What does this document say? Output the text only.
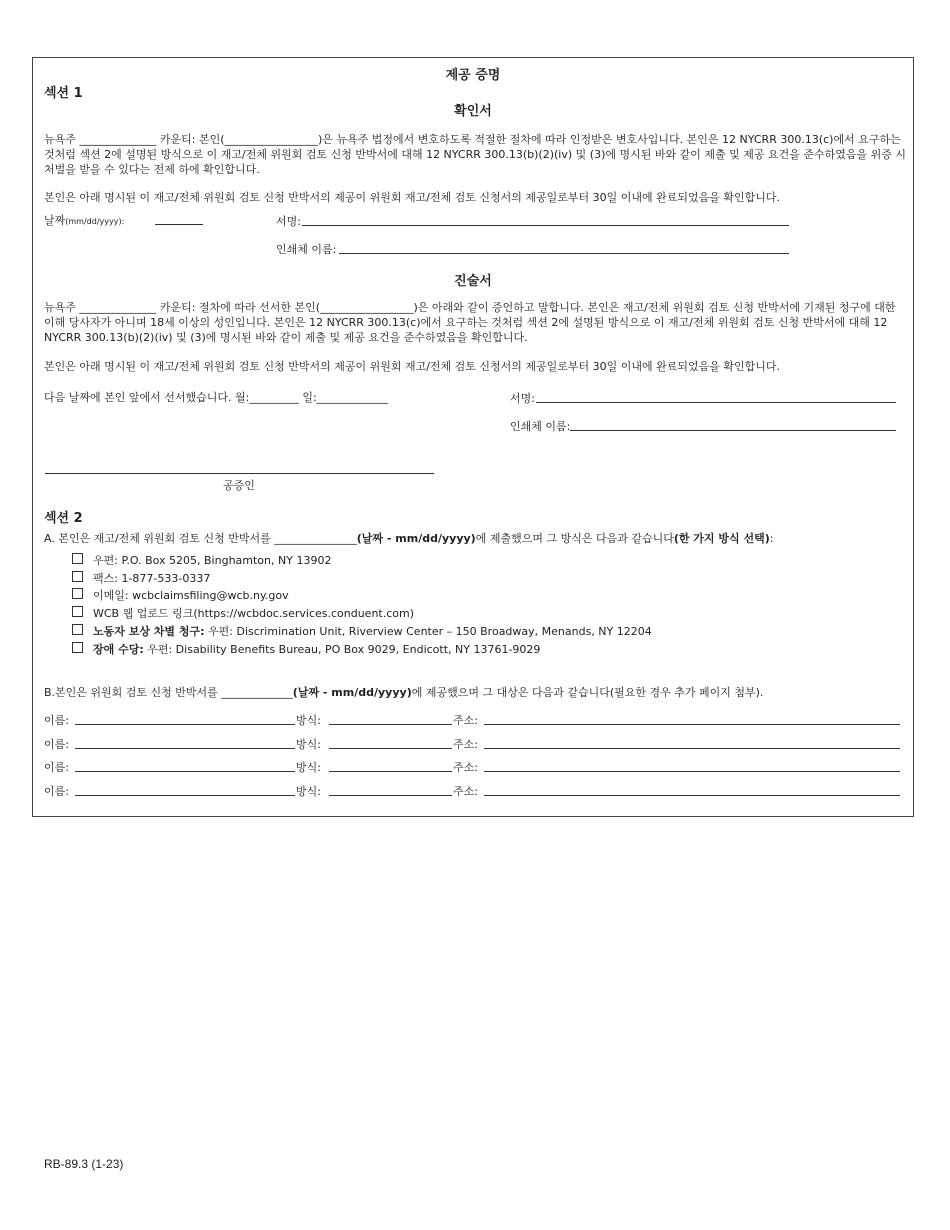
제공 증명
섹션 1
확인서
뉴욕주 ______________ 카운티: 본인(_________________)은 뉴욕주 법정에서 변호하도록 적절한 절차에 따라 인정받은 변호사입니다. 본인은 12 NYCRR 300.13(c)에서 요구하는 것처럼 섹션 2에 설명된 방식으로 이 재고/전체 위원회 검토 신청 반박서에 대해 12 NYCRR 300.13(b)(2)(iv) 및 (3)에 명시된 바와 같이 제출 및 제공 요건을 준수하였음을 위증 시 처벌을 받을 수 있다는 전제 하에 확인합니다.
본인은 아래 명시된 이 재고/전체 위원회 검토 신청 반박서의 제공이 위원회 재고/전체 검토 신청서의 제공일로부터 30일 이내에 완료되었음을 확인합니다.
날짜(mm/dd/yyyy):	서명:
인쇄체 이름:
진술서
뉴욕주 ______________ 카운티: 절차에 따라 선서한 본인(_________________)은 아래와 같이 증언하고 말합니다. 본인은 재고/전체 위원회 검토 신청 반박서에 기재된 청구에 대한 이해 당사자가 아니며 18세 이상의 성인입니다. 본인은 12 NYCRR 300.13(c)에서 요구하는 것처럼 섹션 2에 설명된 방식으로 이 재고/전체 위원회 검토 신청 반박서에 대해 12 NYCRR 300.13(b)(2)(iv) 및 (3)에 명시된 바와 같이 제출 및 제공 요건을 준수하였음을 확인합니다.
본인은 아래 명시된 이 재고/전체 위원회 검토 신청 반박서의 제공이 위원회 재고/전체 검토 신청서의 제공일로부터 30일 이내에 완료되었음을 확인합니다.
다음 날짜에 본인 앞에서 선서했습니다. 월:_________ 일:_____________	서명:
인쇄체 이름:
공증인
섹션 2
A. 본인은 재고/전체 위원회 검토 신청 반박서를 _______________(날짜 - mm/dd/yyyy)에 제출했으며 그 방식은 다음과 같습니다(한 가지 방식 선택):
우편: P.O. Box 5205, Binghamton, NY 13902
팩스: 1-877-533-0337
이메일: wcbclaimsfiling@wcb.ny.gov
WCB 웹 업로드 링크(https://wcbdoc.services.conduent.com)
노동자 보상 차별 청구: 우편: Discrimination Unit, Riverview Center – 150 Broadway, Menands, NY 12204
장애 수당: 우편: Disability Benefits Bureau, PO Box 9029, Endicott, NY 13761-9029
B.본인은 위원회 검토 신청 반박서를 _____________(날짜 - mm/dd/yyyy)에 제공했으며 그 대상은 다음과 같습니다(필요한 경우 추가 페이지 첨부).
이름:	방식:	주소:
이름:	방식:	주소:
이름:	방식:	주소:
이름:	방식:	주소:
RB-89.3 (1-23)
